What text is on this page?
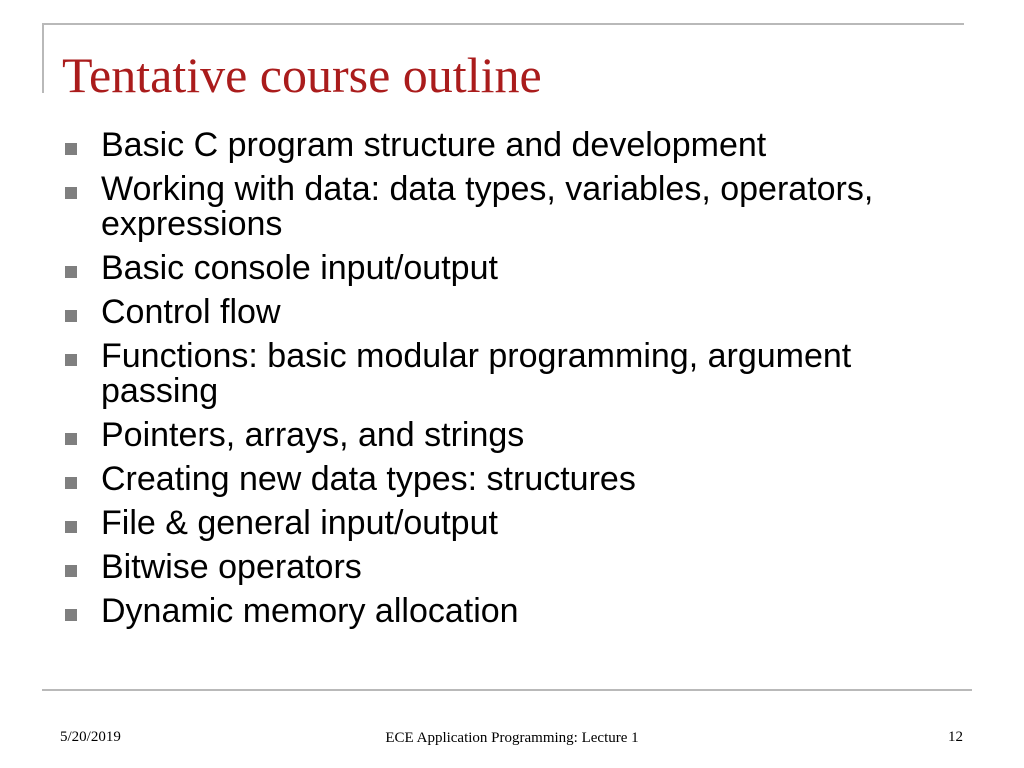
Tentative course outline
Basic C program structure and development
Working with data: data types, variables, operators, expressions
Basic console input/output
Control flow
Functions: basic modular programming, argument passing
Pointers, arrays, and strings
Creating new data types: structures
File & general input/output
Bitwise operators
Dynamic memory allocation
5/20/2019	ECE Application Programming: Lecture 1	12
